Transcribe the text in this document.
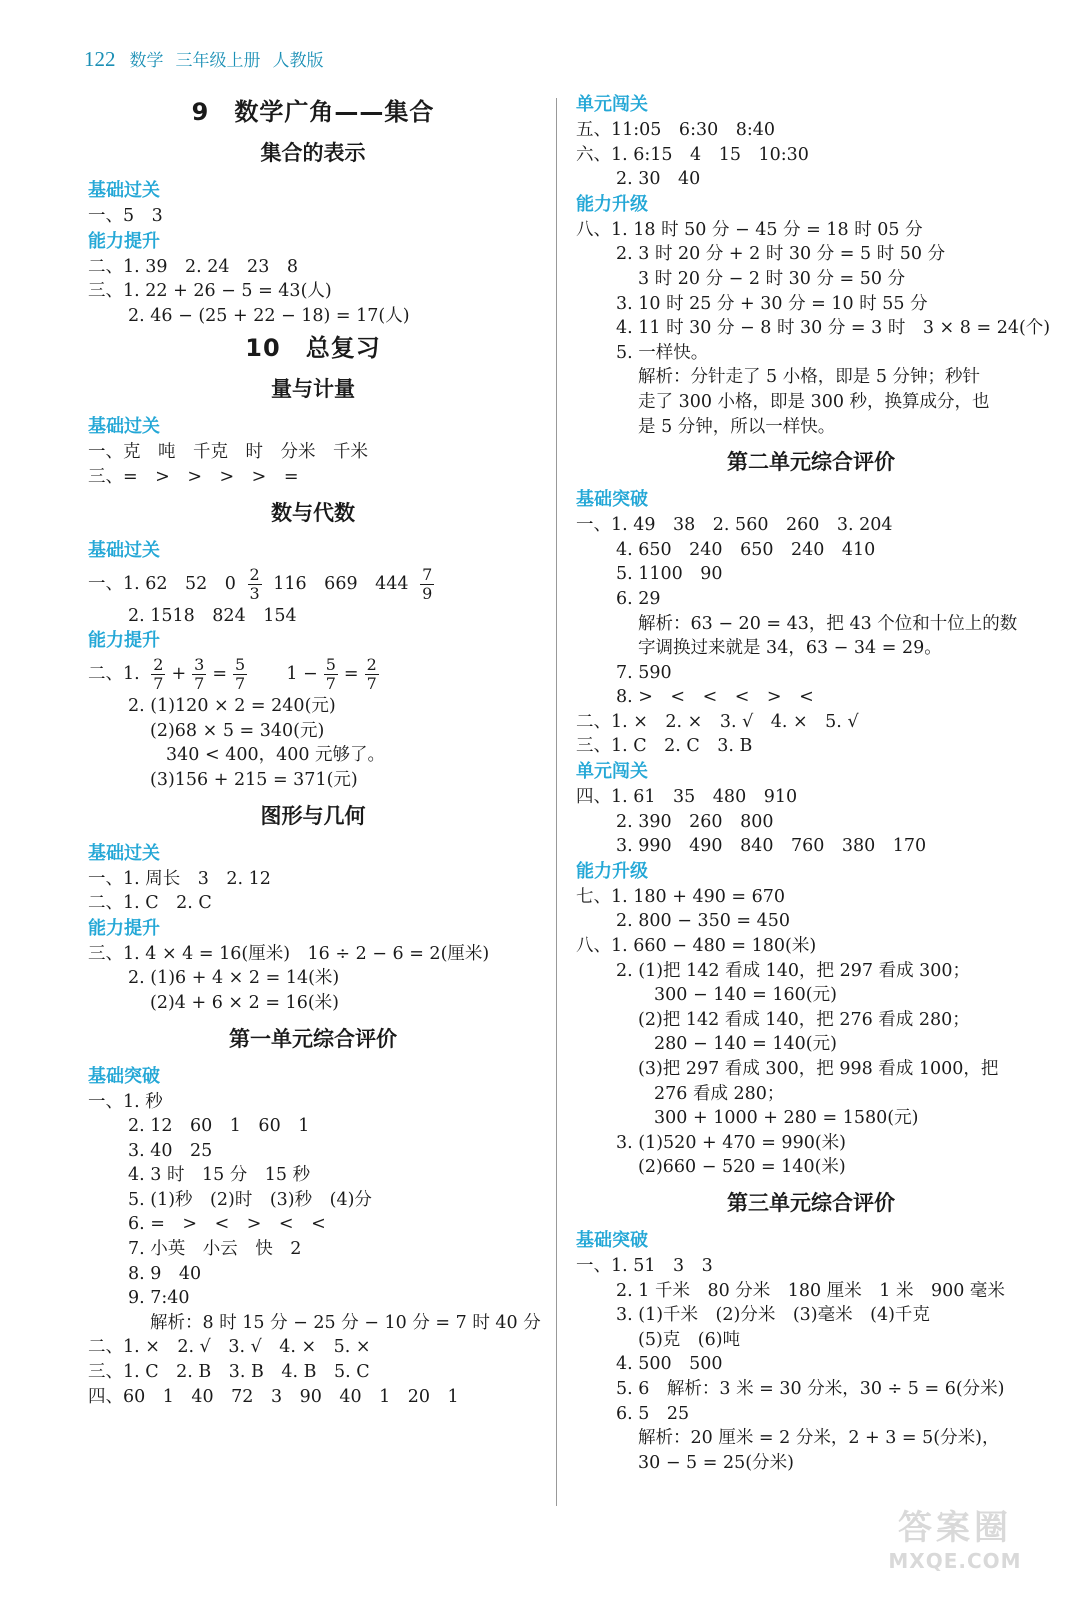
122 数学 三年级上册 人教版
9　数学广角——集合
集合的表示
基础过关
一、5　3
能力提升
二、1. 39　2. 24　23　8
三、1. 22 + 26 − 5 = 43(人)
2. 46 − (25 + 22 − 18) = 17(人)
10　总复习
量与计量
基础过关
一、克　吨　千克　时　分米　千米
三、=　>　>　>　>　=
数与代数
基础过关
一、1. 62　52　$0 \frac{2}{3} 116$　669　$444 \frac{7}{9}$
2. 1518　824　154
能力提升
二、1. $\frac{2}{7} + \frac{3}{7} = \frac{5}{7} 1 - \frac{5}{7} = \frac{2}{7}$
2. (1)120 × 2 = 240(元)
(2)68 × 5 = 340(元)
340 < 400，400 元够了。
(3)156 + 215 = 371(元)
图形与几何
基础过关
一、1. 周长　3　2. 12
二、1. C　2. C
能力提升
三、1. 4 × 4 = 16(厘米)　16 ÷ 2 − 6 = 2(厘米)
2. (1)6 + 4 × 2 = 14(米)
(2)4 + 6 × 2 = 16(米)
第一单元综合评价
基础突破
一、1. 秒
2. 12　60　1　60　1
3. 40　25
4. 3 时　15 分　15 秒
5. (1)秒　(2)时　(3)秒　(4)分
6. =　>　<　>　<　<
7. 小英　小云　快　2
8. 9　40
9. 7:40
解析：8 时 15 分 − 25 分 − 10 分 = 7 时 40 分
二、1. ×　2. √　3. √　4. ×　5. ×
三、1. C　2. B　3. B　4. B　5. C
四、60　1　40　72　3　90　40　1　20　1
单元闯关
五、11:05　6:30　8:40
六、1. 6:15　4　15　10:30
2. 30　40
能力升级
八、1. 18 时 50 分 − 45 分 = 18 时 05 分
2. 3 时 20 分 + 2 时 30 分 = 5 时 50 分
3 时 20 分 − 2 时 30 分 = 50 分
3. 10 时 25 分 + 30 分 = 10 时 55 分
4. 11 时 30 分 − 8 时 30 分 = 3 时　3 × 8 = 24(个)
5. 一样快。
解析：分针走了 5 小格，即是 5 分钟；秒针
走了 300 小格，即是 300 秒，换算成分，也
是 5 分钟，所以一样快。
第二单元综合评价
基础突破
一、1. 49　38　2. 560　260　3. 204
4. 650　240　650　240　410
5. 1100　90
6. 29
解析：63 − 20 = 43，把 43 个位和十位上的数
字调换过来就是 34，63 − 34 = 29。
7. 590
8. >　<　<　<　>　<
二、1. ×　2. ×　3. √　4. ×　5. √
三、1. C　2. C　3. B
单元闯关
四、1. 61　35　480　910
2. 390　260　800
3. 990　490　840　760　380　170
能力升级
七、1. 180 + 490 = 670
2. 800 − 350 = 450
八、1. 660 − 480 = 180(米)
2. (1)把 142 看成 140，把 297 看成 300；
300 − 140 = 160(元)
(2)把 142 看成 140，把 276 看成 280；
280 − 140 = 140(元)
(3)把 297 看成 300，把 998 看成 1000，把
276 看成 280；
300 + 1000 + 280 = 1580(元)
3. (1)520 + 470 = 990(米)
(2)660 − 520 = 140(米)
第三单元综合评价
基础突破
一、1. 51　3　3
2. 1 千米　80 分米　180 厘米　1 米　900 毫米
3. (1)千米　(2)分米　(3)毫米　(4)千克
(5)克　(6)吨
4. 500　500
5. 6　解析：3 米 = 30 分米，30 ÷ 5 = 6(分米)
6. 5　25
解析：20 厘米 = 2 分米，2 + 3 = 5(分米)，
30 − 5 = 25(分米)
答案圈
MXQE.COM
